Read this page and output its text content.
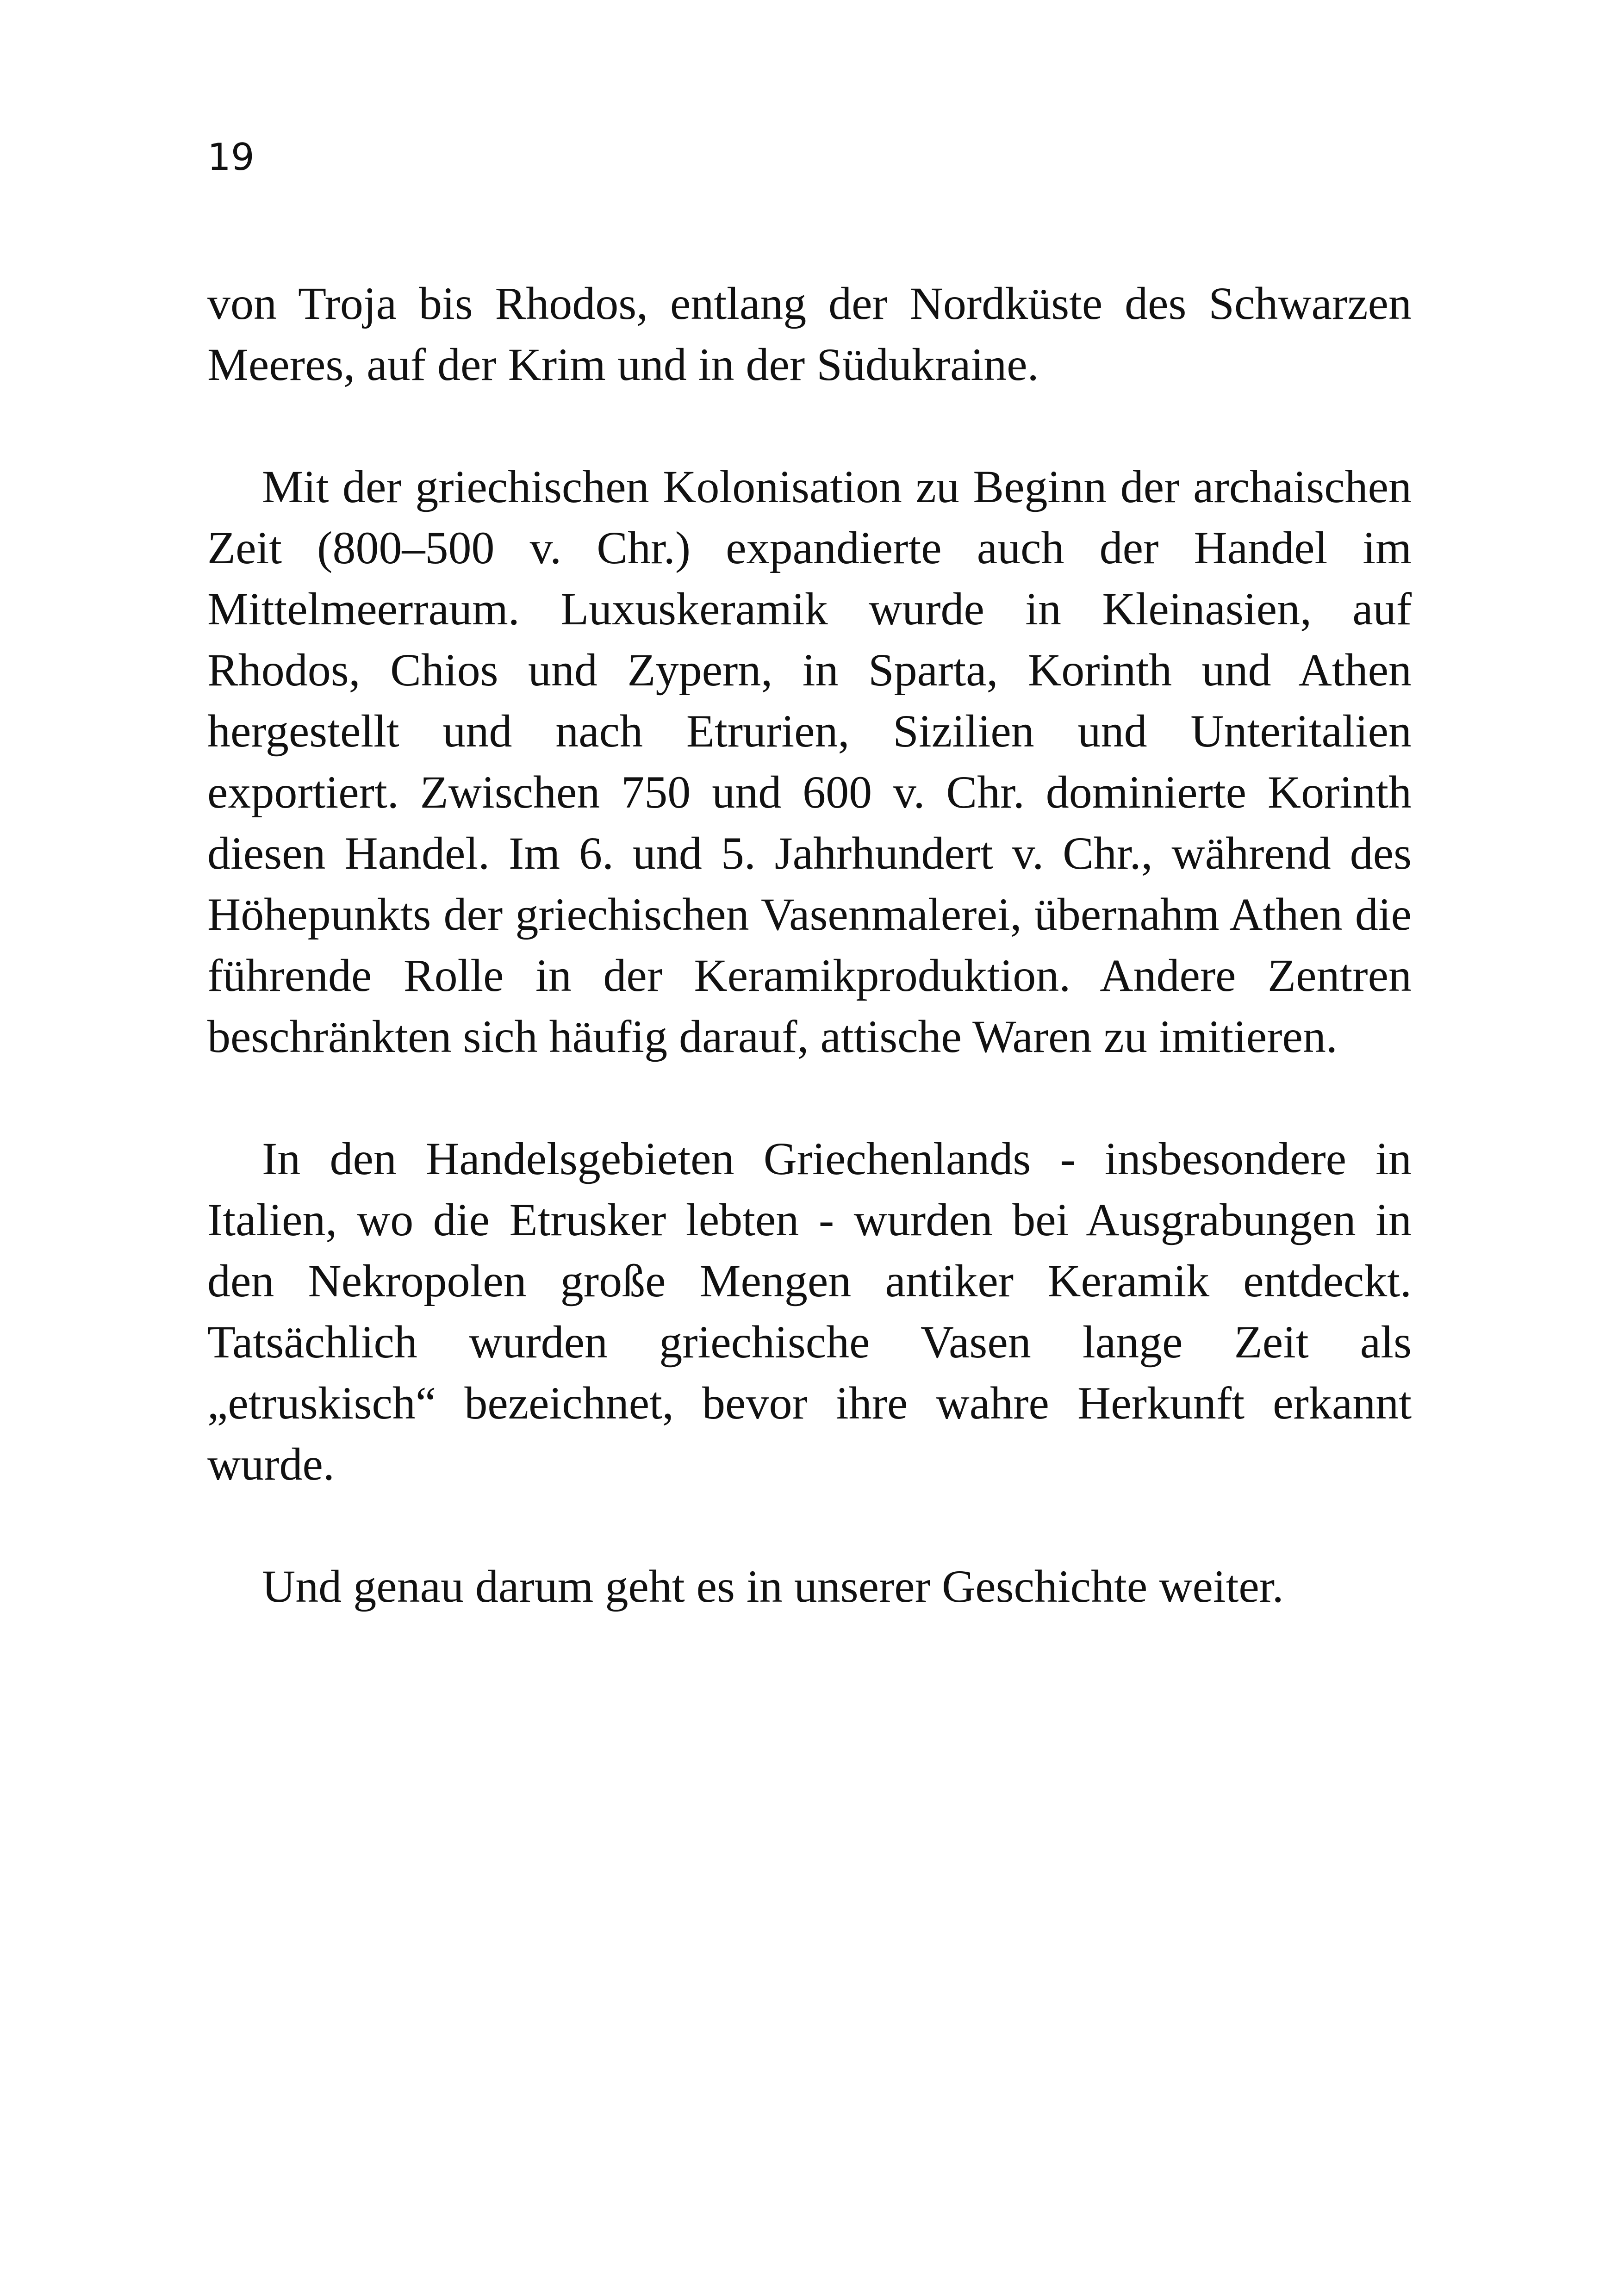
19

von Troja bis Rhodos, entlang der Nordküste des Schwarzen Meeres, auf der Krim und in der Südukraine.

Mit der griechischen Kolonisation zu Beginn der archaischen Zeit (800–500 v. Chr.) expandierte auch der Handel im Mittelmeerraum. Luxuskeramik wurde in Kleinasien, auf Rhodos, Chios und Zypern, in Sparta, Korinth und Athen hergestellt und nach Etrurien, Sizilien und Unteritalien exportiert. Zwischen 750 und 600 v. Chr. dominierte Korinth diesen Handel. Im 6. und 5. Jahrhundert v. Chr., während des Höhepunkts der griechischen Vasenmalerei, übernahm Athen die führende Rolle in der Keramikproduktion. Andere Zentren beschränkten sich häufig darauf, attische Waren zu imitieren.

In den Handelsgebieten Griechenlands - insbesondere in Italien, wo die Etrusker lebten - wurden bei Ausgrabungen in den Nekropolen große Mengen antiker Keramik entdeckt. Tatsächlich wurden griechische Vasen lange Zeit als „etruskisch“ bezeichnet, bevor ihre wahre Herkunft erkannt wurde.

Und genau darum geht es in unserer Geschichte weiter.
